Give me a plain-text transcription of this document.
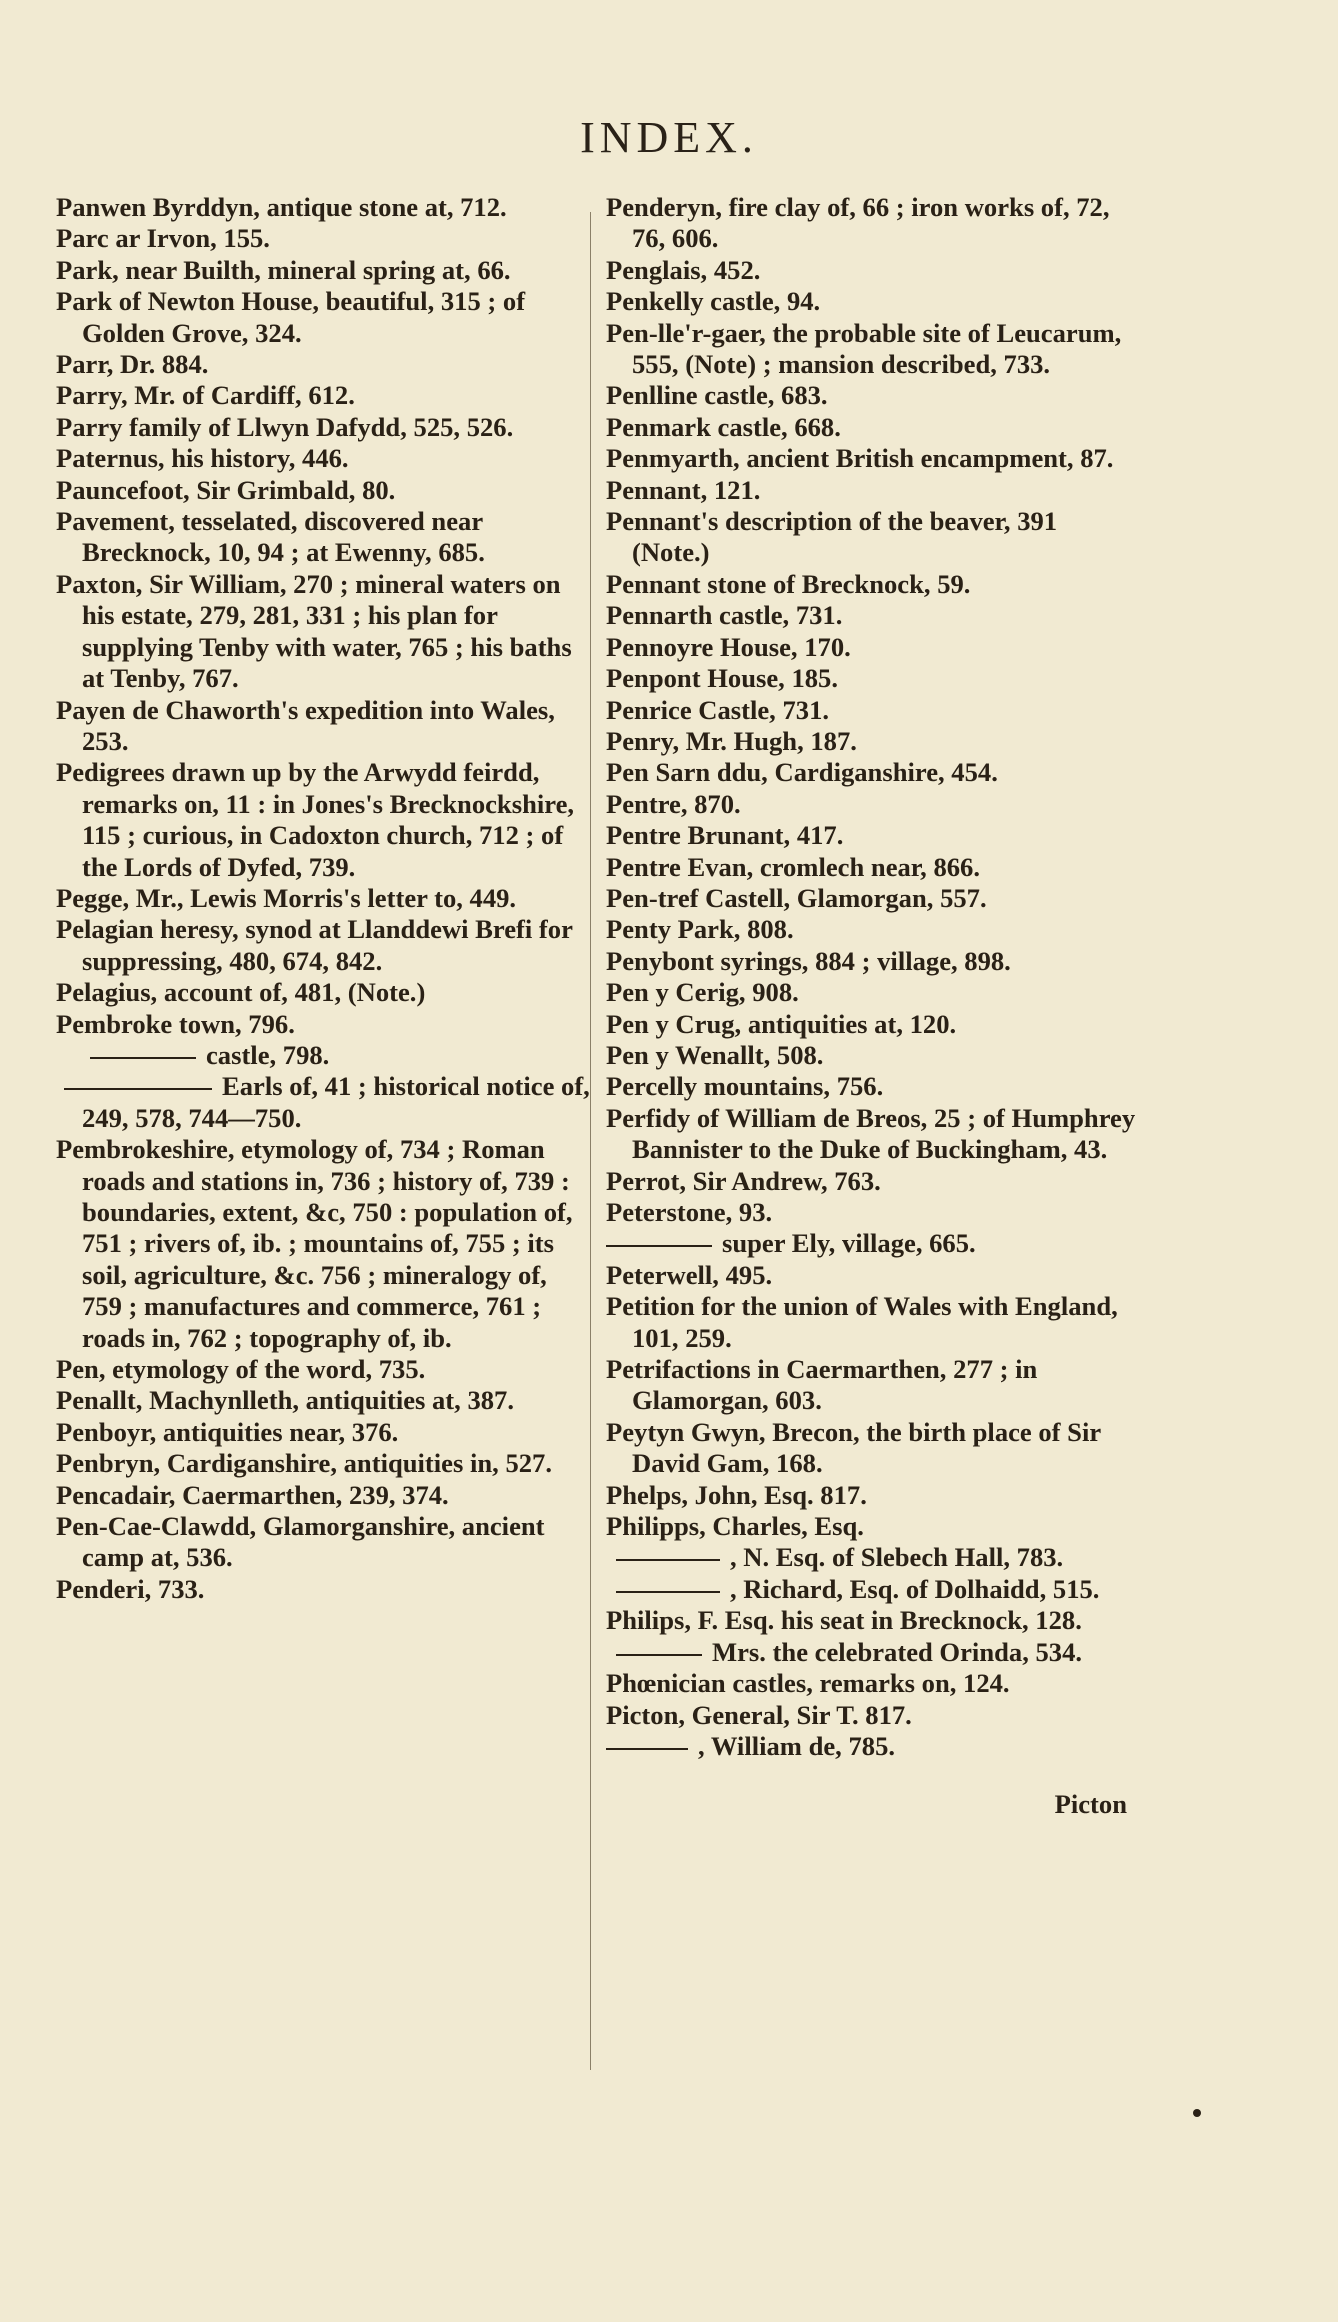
INDEX.

Panwen Byrddyn, antique stone at, 712.

Parc ar Irvon, 155.

Park, near Builth, mineral spring at, 66.

Park of Newton House, beautiful, 315 ; of Golden Grove, 324.

Parr, Dr. 884.

Parry, Mr. of Cardiff, 612.

Parry family of Llwyn Dafydd, 525, 526.

Paternus, his history, 446.

Pauncefoot, Sir Grimbald, 80.

Pavement, tesselated, discovered near Brecknock, 10, 94 ; at Ewenny, 685.

Paxton, Sir William, 270 ; mineral waters on his estate, 279, 281, 331 ; his plan for supplying Tenby with water, 765 ; his baths at Tenby, 767.

Payen de Chaworth's expedition into Wales, 253.

Pedigrees drawn up by the Arwydd feirdd, remarks on, 11 : in Jones's Brecknockshire, 115 ; curious, in Cadoxton church, 712 ; of the Lords of Dyfed, 739.

Pegge, Mr., Lewis Morris's letter to, 449.

Pelagian heresy, synod at Llanddewi Brefi for suppressing, 480, 674, 842.

Pelagius, account of, 481, (Note.)

Pembroke town, 796.

castle, 798.

Earls of, 41 ; historical notice of, 249, 578, 744—750.

Pembrokeshire, etymology of, 734 ; Roman roads and stations in, 736 ; history of, 739 : boundaries, extent, &c, 750 : population of, 751 ; rivers of, ib. ; mountains of, 755 ; its soil, agriculture, &c. 756 ; mineralogy of, 759 ; manufactures and commerce, 761 ; roads in, 762 ; topography of, ib.

Pen, etymology of the word, 735.

Penallt, Machynlleth, antiquities at, 387.

Penboyr, antiquities near, 376.

Penbryn, Cardiganshire, antiquities in, 527.

Pencadair, Caermarthen, 239, 374.

Pen-Cae-Clawdd, Glamorganshire, ancient camp at, 536.

Penderi, 733.

Penderyn, fire clay of, 66 ; iron works of, 72, 76, 606.

Penglais, 452.

Penkelly castle, 94.

Pen-lle'r-gaer, the probable site of Leucarum, 555, (Note) ; mansion described, 733.

Penlline castle, 683.

Penmark castle, 668.

Penmyarth, ancient British encampment, 87.

Pennant, 121.

Pennant's description of the beaver, 391 (Note.)

Pennant stone of Brecknock, 59.

Pennarth castle, 731.

Pennoyre House, 170.

Penpont House, 185.

Penrice Castle, 731.

Penry, Mr. Hugh, 187.

Pen Sarn ddu, Cardiganshire, 454.

Pentre, 870.

Pentre Brunant, 417.

Pentre Evan, cromlech near, 866.

Pen-tref Castell, Glamorgan, 557.

Penty Park, 808.

Penybont syrings, 884 ; village, 898.

Pen y Cerig, 908.

Pen y Crug, antiquities at, 120.

Pen y Wenallt, 508.

Percelly mountains, 756.

Perfidy of William de Breos, 25 ; of Humphrey Bannister to the Duke of Buckingham, 43.

Perrot, Sir Andrew, 763.

Peterstone, 93.

super Ely, village, 665.

Peterwell, 495.

Petition for the union of Wales with England, 101, 259.

Petrifactions in Caermarthen, 277 ; in Glamorgan, 603.

Peytyn Gwyn, Brecon, the birth place of Sir David Gam, 168.

Phelps, John, Esq. 817.

Philipps, Charles, Esq.

, N. Esq. of Slebech Hall, 783.

, Richard, Esq. of Dolhaidd, 515.

Philips, F. Esq. his seat in Brecknock, 128.

Mrs. the celebrated Orinda, 534.

Phœnician castles, remarks on, 124.

Picton, General, Sir T. 817.

, William de, 785.

Picton
